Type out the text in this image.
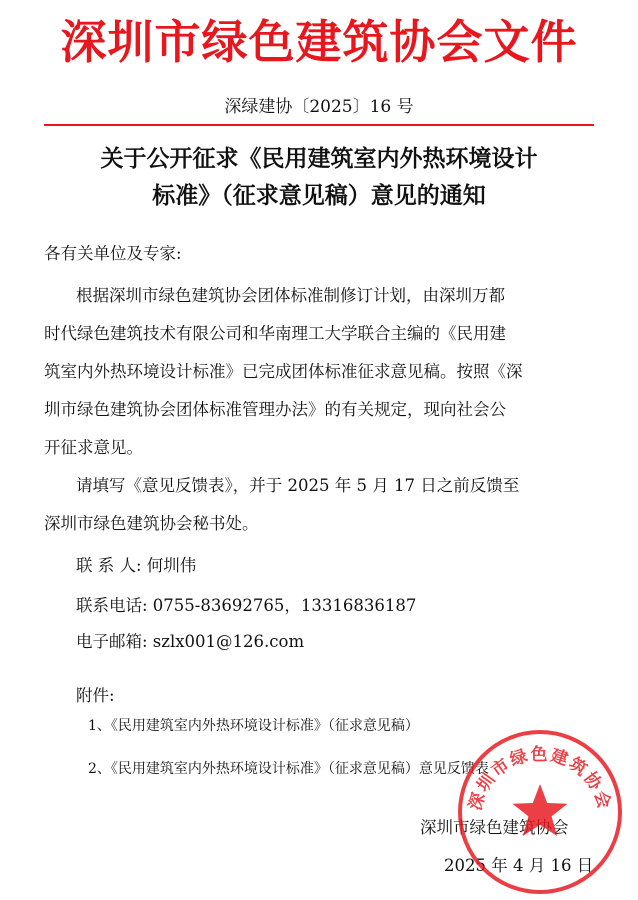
深圳市绿色建筑协会文件
深绿建协〔2025〕16 号
关于公开征求《民用建筑室内外热环境设计
标准》（征求意见稿）意见的通知
各有关单位及专家:
根据深圳市绿色建筑协会团体标准制修订计划，由深圳万都
时代绿色建筑技术有限公司和华南理工大学联合主编的《民用建
筑室内外热环境设计标准》已完成团体标准征求意见稿。按照《深
圳市绿色建筑协会团体标准管理办法》的有关规定，现向社会公
开征求意见。
请填写《意见反馈表》，并于 2025 年 5 月 17 日之前反馈至
深圳市绿色建筑协会秘书处。
联 系 人: 何圳伟
联系电话: 0755-83692765，13316836187
电子邮箱: szlx001@126.com
附件:
1、《民用建筑室内外热环境设计标准》（征求意见稿）
2、《民用建筑室内外热环境设计标准》（征求意见稿）意见反馈表
深圳市绿色建筑协会
2025 年 4 月 16 日
深圳市绿色建筑协会
